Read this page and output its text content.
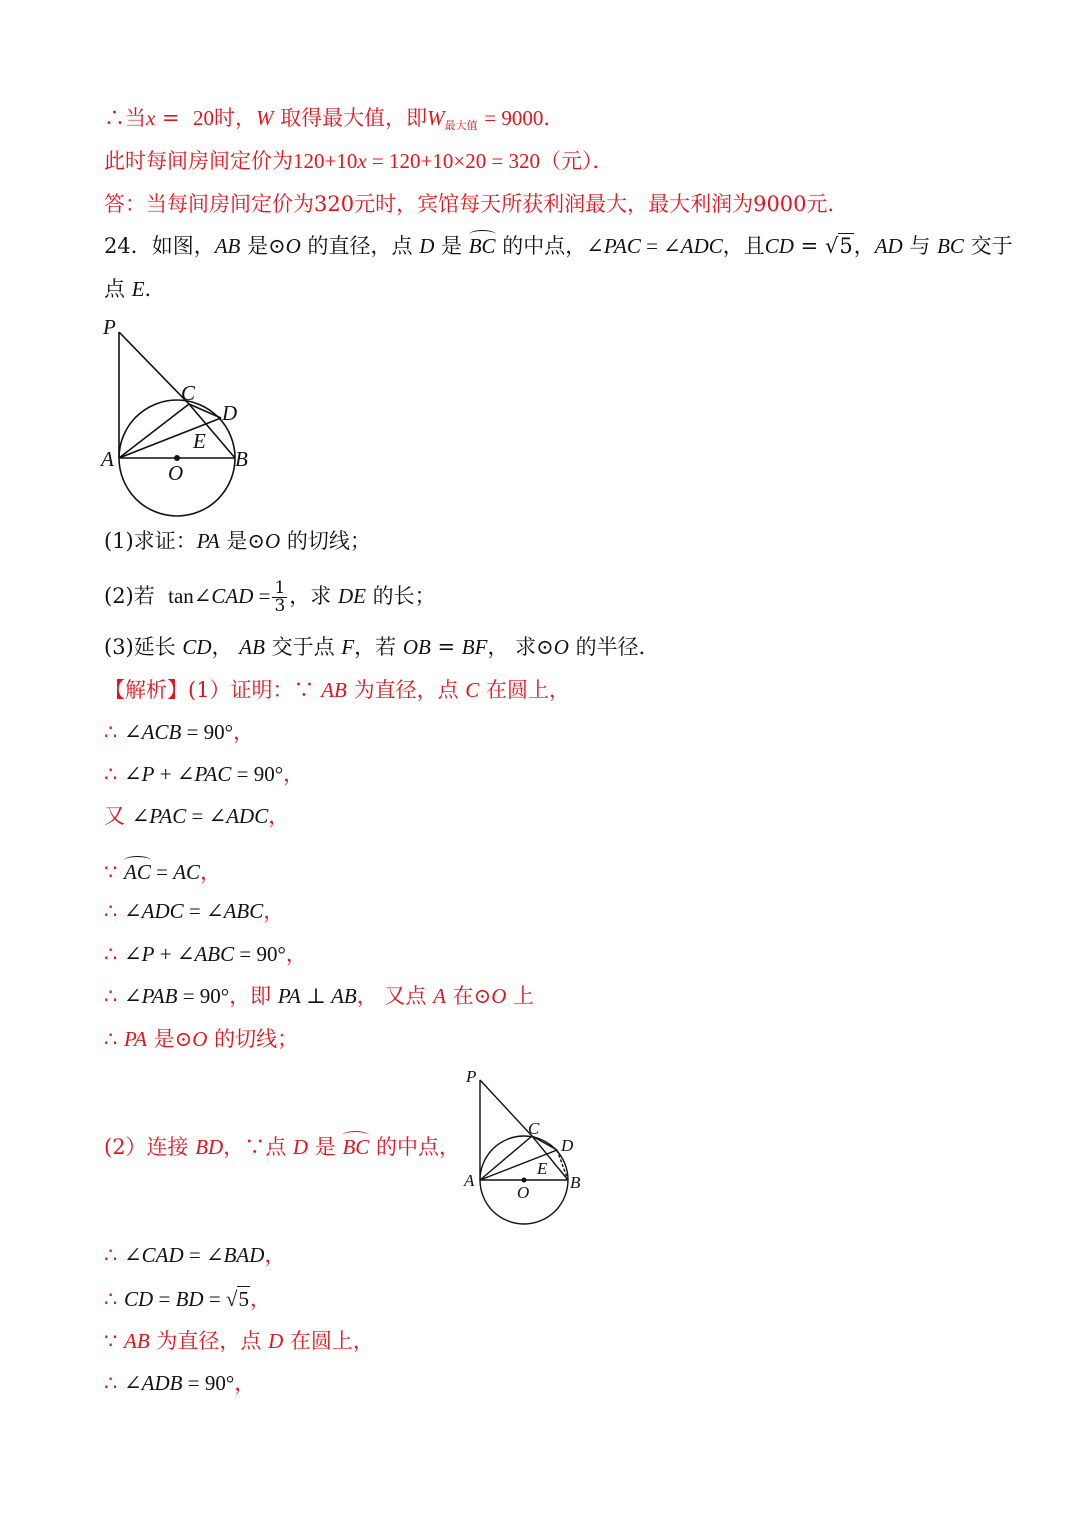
∴当x =  20时，W 取得最大值，即$W_{最大值} = 9000$．
此时每间房间定价为120+10x = 120+10×20 = 320（元）．
答：当每间房间定价为320元时，宾馆每天所获利润最大，最大利润为9000元．
24．如图，AB 是⊙O 的直径，点 D 是 BC 的中点，∠PAC = ∠ADC，且CD = √5，AD 与 BC 交于
点 E.
P
A	B
C
D
E
O
(1)求证：PA 是⊙O 的切线；
(2)若  tan∠CAD = $\frac{1}{3}$ ，求 DE 的长；
(3)延长 CD， AB 交于点 F，若 OB = BF， 求⊙O 的半径．
【解析】(1）证明：∵ AB 为直径，点 C 在圆上，
∴ ∠ACB = 90°，
∴ ∠P + ∠PAC = 90°，
又 ∠PAC = ∠ADC，
∵ AC = AC，
∴ ∠ADC = ∠ABC，
∴ ∠P + ∠ABC = 90°，
∴ ∠PAB = 90°，即 PA ⊥ AB， 又点 A 在⊙O 上
∴ PA 是⊙O 的切线；
(2）连接 BD，∵点 D 是 BC 的中点，
P
A	B
C
D
E
O
∴ ∠CAD = ∠BAD，
∴ CD = BD = √5，
∵ AB 为直径，点 D 在圆上，
∴ ∠ADB = 90°，
